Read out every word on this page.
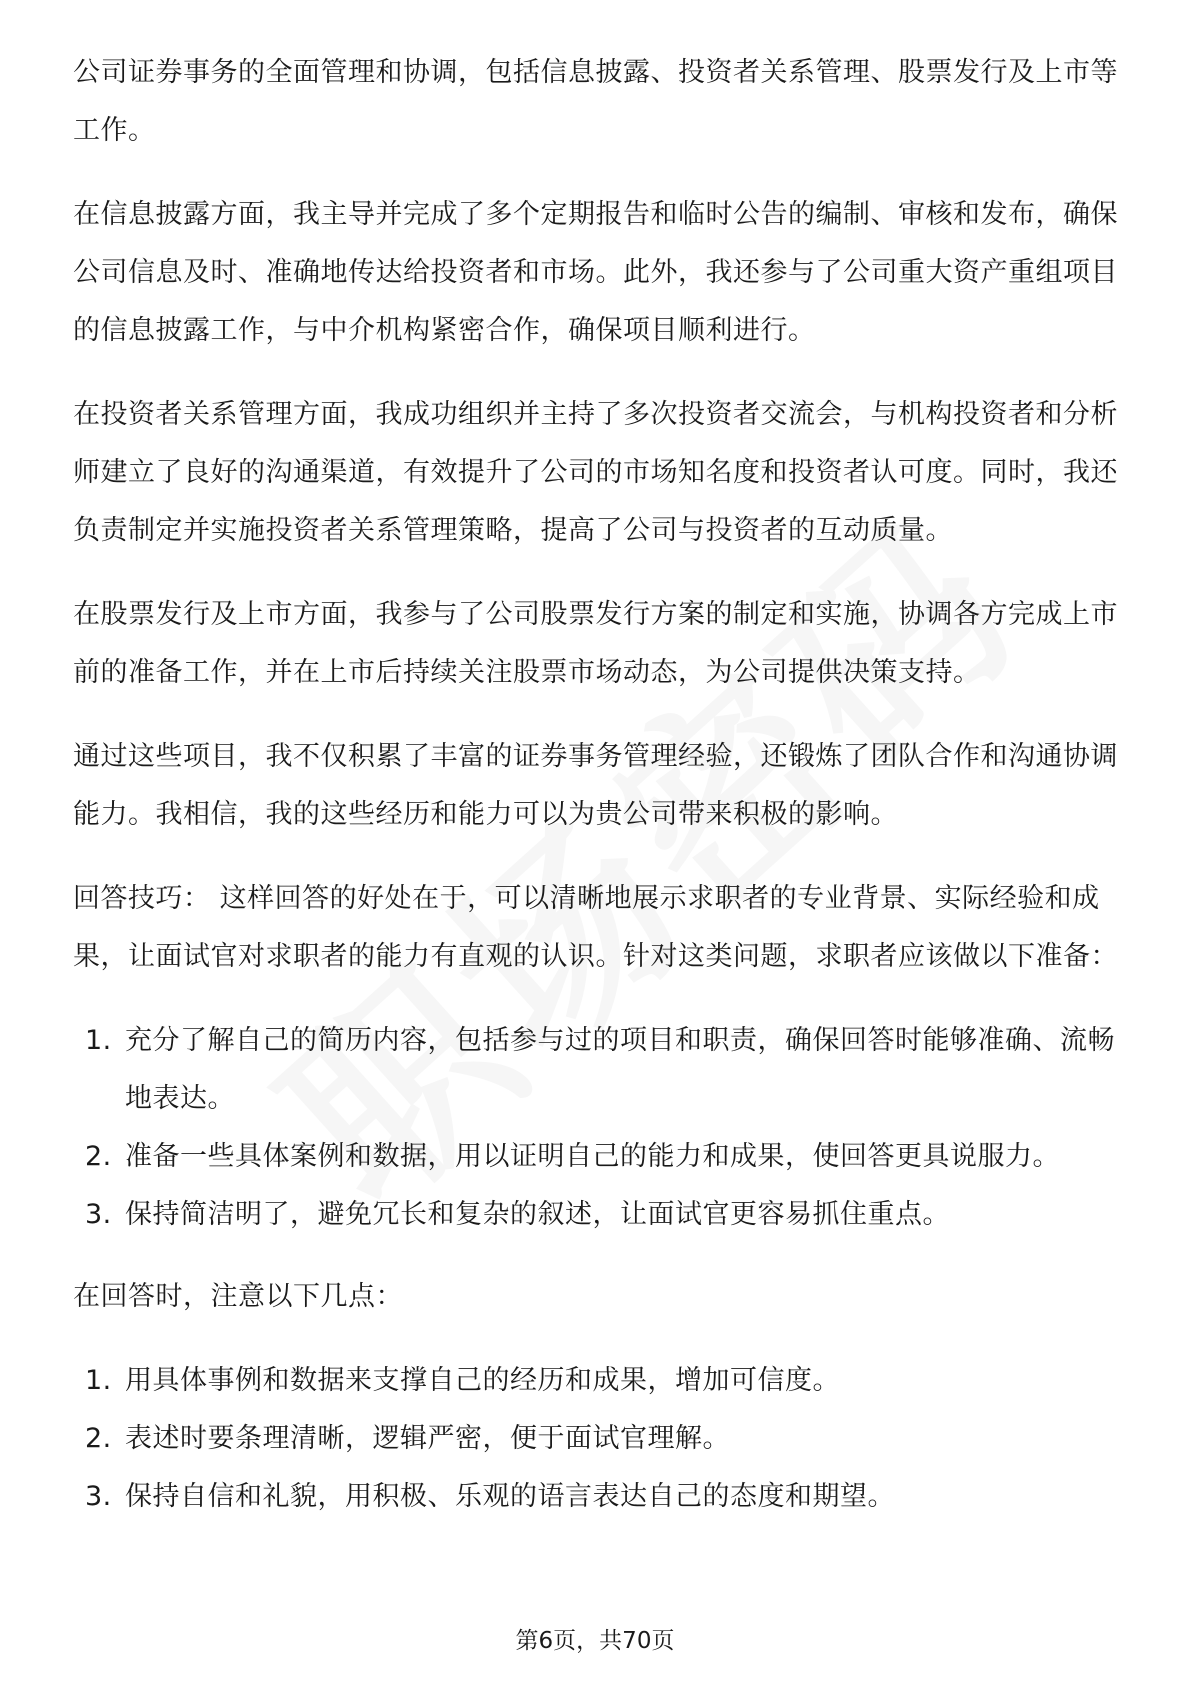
公司证券事务的全面管理和协调，包括信息披露、投资者关系管理、股票发行及上市等工作。

在信息披露方面，我主导并完成了多个定期报告和临时公告的编制、审核和发布，确保公司信息及时、准确地传达给投资者和市场。此外，我还参与了公司重大资产重组项目的信息披露工作，与中介机构紧密合作，确保项目顺利进行。

在投资者关系管理方面，我成功组织并主持了多次投资者交流会，与机构投资者和分析师建立了良好的沟通渠道，有效提升了公司的市场知名度和投资者认可度。同时，我还负责制定并实施投资者关系管理策略，提高了公司与投资者的互动质量。

在股票发行及上市方面，我参与了公司股票发行方案的制定和实施，协调各方完成上市前的准备工作，并在上市后持续关注股票市场动态，为公司提供决策支持。

通过这些项目，我不仅积累了丰富的证券事务管理经验，还锻炼了团队合作和沟通协调能力。我相信，我的这些经历和能力可以为贵公司带来积极的影响。

回答技巧： 这样回答的好处在于，可以清晰地展示求职者的专业背景、实际经验和成果，让面试官对求职者的能力有直观的认识。针对这类问题，求职者应该做以下准备：

1. 充分了解自己的简历内容，包括参与过的项目和职责，确保回答时能够准确、流畅地表达。
2. 准备一些具体案例和数据，用以证明自己的能力和成果，使回答更具说服力。
3. 保持简洁明了，避免冗长和复杂的叙述，让面试官更容易抓住重点。

在回答时，注意以下几点：

1. 用具体事例和数据来支撑自己的经历和成果，增加可信度。
2. 表述时要条理清晰，逻辑严密，便于面试官理解。
3. 保持自信和礼貌，用积极、乐观的语言表达自己的态度和期望。
第6页，共70页
